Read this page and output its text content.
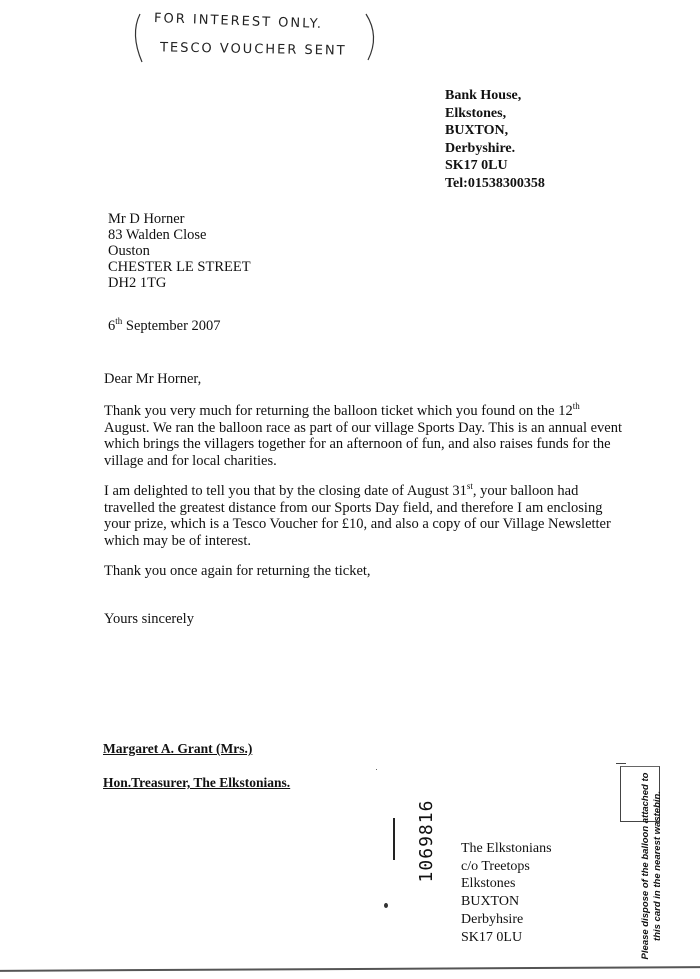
FOR INTEREST ONLY.
TESCO VOUCHER SENT
Bank House,
Elkstones,
BUXTON,
Derbyshire.
SK17 0LU
Tel:01538300358
Mr D Horner
83 Walden Close
Ouston
CHESTER LE STREET
DH2 1TG
6th September 2007
Dear Mr Horner,
Thank you very much for returning the balloon ticket which you found on the 12th August. We ran the balloon race as part of our village Sports Day. This is an annual event which brings the villagers together for an afternoon of fun, and also raises funds for the village and for local charities.
I am delighted to tell you that by the closing date of August 31st, your balloon had travelled the greatest distance from our Sports Day field, and therefore I am enclosing your prize, which is a Tesco Voucher for £10, and also a copy of our Village Newsletter which may be of interest.
Thank you once again for returning the ticket,
Yours sincerely
Margaret A. Grant (Mrs.)
Hon.Treasurer, The Elkstonians.
1069816 The Elkstonians
c/o Treetops
Elkstones
BUXTON
Derbyhsire
SK17 0LU	Please dispose of the balloon attached to this card in the nearest wastebin.
